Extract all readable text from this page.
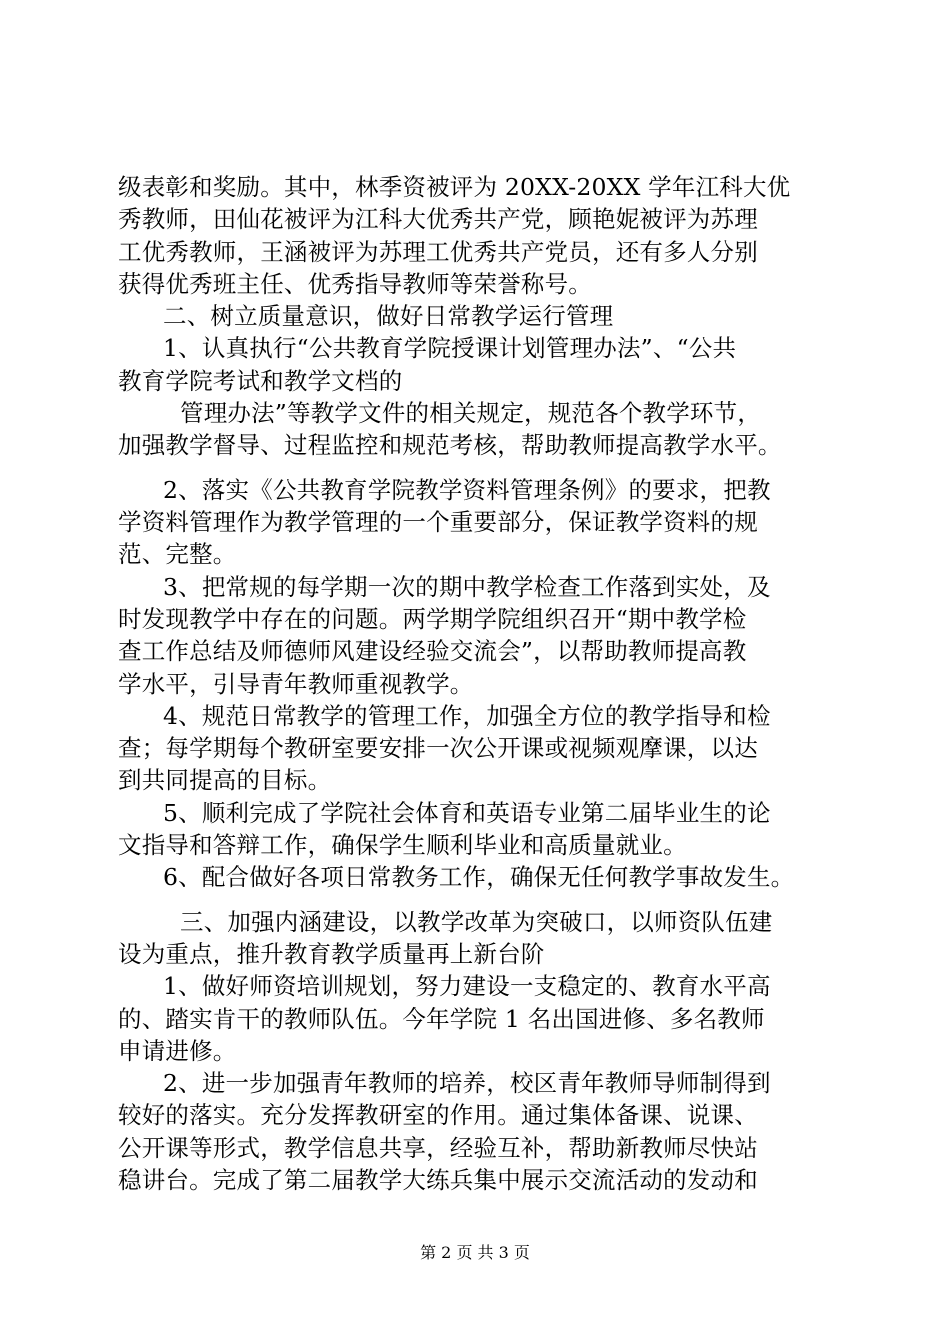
级表彰和奖励。其中，林季资被评为 20XX-20XX 学年江科大优
秀教师，田仙花被评为江科大优秀共产党，顾艳妮被评为苏理
工优秀教师，王涵被评为苏理工优秀共产党员，还有多人分别
获得优秀班主任、优秀指导教师等荣誉称号。
二、树立质量意识，做好日常教学运行管理
1、认真执行“公共教育学院授课计划管理办法”、“公共
教育学院考试和教学文档的
管理办法”等教学文件的相关规定，规范各个教学环节，
加强教学督导、过程监控和规范考核，帮助教师提高教学水平。
2、落实《公共教育学院教学资料管理条例》的要求，把教
学资料管理作为教学管理的一个重要部分，保证教学资料的规
范、完整。
3、把常规的每学期一次的期中教学检查工作落到实处，及
时发现教学中存在的问题。两学期学院组织召开“期中教学检
查工作总结及师德师风建设经验交流会”，以帮助教师提高教
学水平，引导青年教师重视教学。
4、规范日常教学的管理工作，加强全方位的教学指导和检
查；每学期每个教研室要安排一次公开课或视频观摩课，以达
到共同提高的目标。
5、顺利完成了学院社会体育和英语专业第二届毕业生的论
文指导和答辩工作，确保学生顺利毕业和高质量就业。
6、配合做好各项日常教务工作，确保无任何教学事故发生。
三、加强内涵建设，以教学改革为突破口，以师资队伍建
设为重点，推升教育教学质量再上新台阶
1、做好师资培训规划，努力建设一支稳定的、教育水平高
的、踏实肯干的教师队伍。今年学院 1 名出国进修、多名教师
申请进修。
2、进一步加强青年教师的培养，校区青年教师导师制得到
较好的落实。充分发挥教研室的作用。通过集体备课、说课、
公开课等形式，教学信息共享，经验互补，帮助新教师尽快站
稳讲台。完成了第二届教学大练兵集中展示交流活动的发动和
第 2 页 共 3 页
